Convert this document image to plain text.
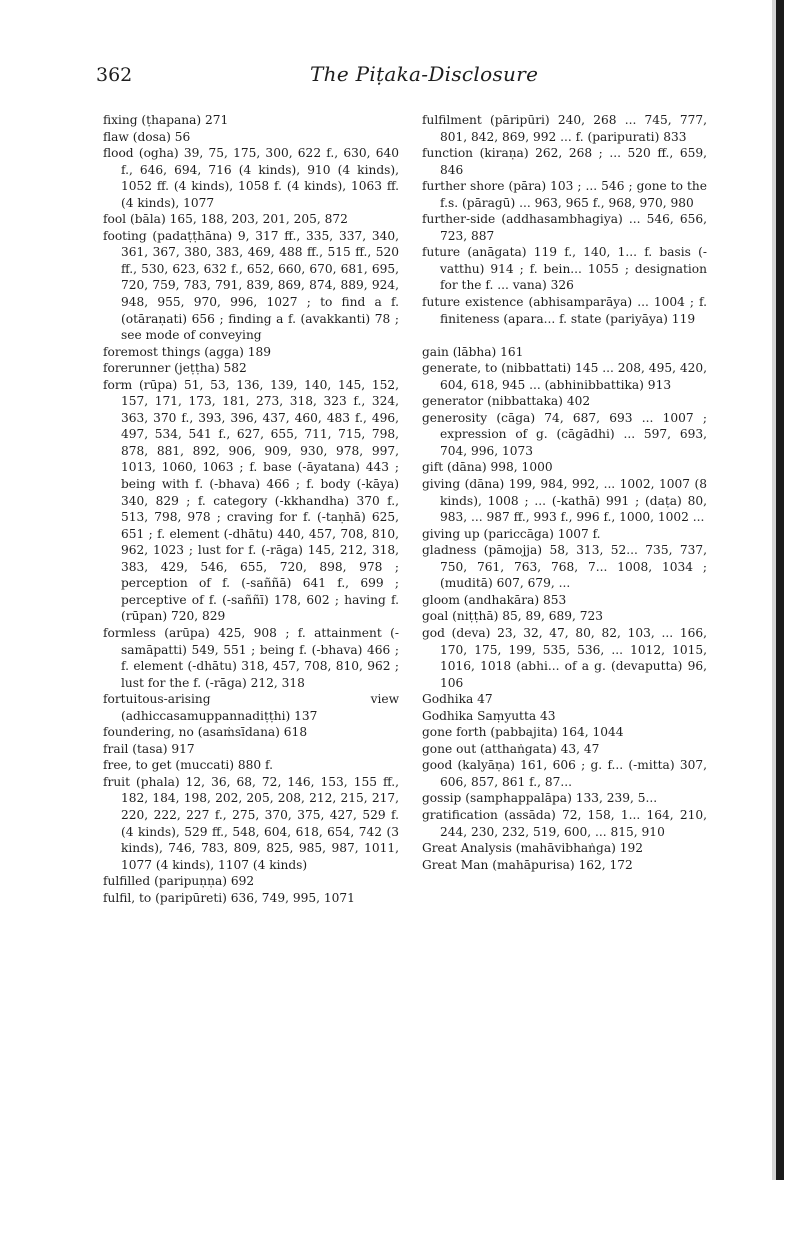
362	The Piṭaka-Disclosure

fixing (ṭhapana) 271

flaw (dosa) 56

flood (ogha) 39, 75, 175, 300, 622 f., 630, 640 f., 646, 694, 716 (4 kinds), 910 (4 kinds), 1052 ff. (4 kinds), 1058 f. (4 kinds), 1063 ff. (4 kinds), 1077

fool (bāla) 165, 188, 203, 201, 205, 872

footing (padaṭṭhāna) 9, 317 ff., 335, 337, 340, 361, 367, 380, 383, 469, 488 ff., 515 ff., 520 ff., 530, 623, 632 f., 652, 660, 670, 681, 695, 720, 759, 783, 791, 839, 869, 874, 889, 924, 948, 955, 970, 996, 1027 ; to find a f. (otāraṇati) 656 ; finding a f. (avakkanti) 78 ; see mode of conveying

foremost things (agga) 189

forerunner (jeṭṭha) 582

form (rūpa) 51, 53, 136, 139, 140, 145, 152, 157, 171, 173, 181, 273, 318, 323 f., 324, 363, 370 f., 393, 396, 437, 460, 483 f., 496, 497, 534, 541 f., 627, 655, 711, 715, 798, 878, 881, 892, 906, 909, 930, 978, 997, 1013, 1060, 1063 ; f. base (-āyatana) 443 ; being with f. (-bhava) 466 ; f. body (-kāya) 340, 829 ; f. category (-kkhandha) 370 f., 513, 798, 978 ; craving for f. (-taṇhā) 625, 651 ; f. element (-dhātu) 440, 457, 708, 810, 962, 1023 ; lust for f. (-rāga) 145, 212, 318, 383, 429, 546, 655, 720, 898, 978 ; perception of f. (-saññā) 641 f., 699 ; perceptive of f. (-saññī) 178, 602 ; having f. (rūpan) 720, 829

formless (arūpa) 425, 908 ; f. attainment (-samāpatti) 549, 551 ; being f. (-bhava) 466 ; f. element (-dhātu) 318, 457, 708, 810, 962 ; lust for the f. (-rāga) 212, 318

fortuitous-arising view (adhiccasamuppannadiṭṭhi) 137

foundering, no (asaṁsīdana) 618

frail (tasa) 917

free, to get (muccati) 880 f.

fruit (phala) 12, 36, 68, 72, 146, 153, 155 ff., 182, 184, 198, 202, 205, 208, 212, 215, 217, 220, 222, 227 f., 275, 370, 375, 427, 529 f. (4 kinds), 529 ff., 548, 604, 618, 654, 742 (3 kinds), 746, 783, 809, 825, 985, 987, 1011, 1077 (4 kinds), 1107 (4 kinds)

fulfilled (paripuṇṇa) 692

fulfil, to (paripūreti) 636, 749, 995, 1071

fulfilment (pāripūri) 240, 268 ... 745, 777, 801, 842, 869, 992 ... f. (paripurati) 833

function (kiraṇa) 262, 268 ; ... 520 ff., 659, 846

further shore (pāra) 103 ; ... 546 ; gone to the f.s. (pāragū) ... 963, 965 f., 968, 970, 980

further-side (addhasambhagiya) ... 546, 656, 723, 887

future (anāgata) 119 f., 140, 1... f. basis (-vatthu) 914 ; f. bein... 1055 ; designation for the f. ... vana) 326

future existence (abhisamparāya) ... 1004 ; f. finiteness (apara... f. state (pariyāya) 119

gain (lābha) 161

generate, to (nibbattati) 145 ... 208, 495, 420, 604, 618, 945 ... (abhinibbattika) 913

generator (nibbattaka) 402

generosity (cāga) 74, 687, 693 ... 1007 ; expression of g. (cāgādhi) ... 597, 693, 704, 996, 1073

gift (dāna) 998, 1000

giving (dāna) 199, 984, 992, ... 1002, 1007 (8 kinds), 1008 ; ... (-kathā) 991 ; (daṭa) 80, 983, ... 987 ff., 993 f., 996 f., 1000, 1002 ...

giving up (pariccāga) 1007 f.

gladness (pāmojja) 58, 313, 52... 735, 737, 750, 761, 763, 768, 7... 1008, 1034 ; (muditā) 607, 679, ...

gloom (andhakāra) 853

goal (niṭṭhā) 85, 89, 689, 723

god (deva) 23, 32, 47, 80, 82, 103, ... 166, 170, 175, 199, 535, 536, ... 1012, 1015, 1016, 1018 (abhi... of a g. (devaputta) 96, 106

Godhika 47

Godhika Saṃyutta 43

gone forth (pabbajita) 164, 1044

gone out (atthaṅgata) 43, 47

good (kalyāṇa) 161, 606 ; g. f... (-mitta) 307, 606, 857, 861 f., 87...

gossip (samphappalāpa) 133, 239, 5...

gratification (assāda) 72, 158, 1... 164, 210, 244, 230, 232, 519, 600, ... 815, 910

Great Analysis (mahāvibhaṅga) 192

Great Man (mahāpurisa) 162, 172
